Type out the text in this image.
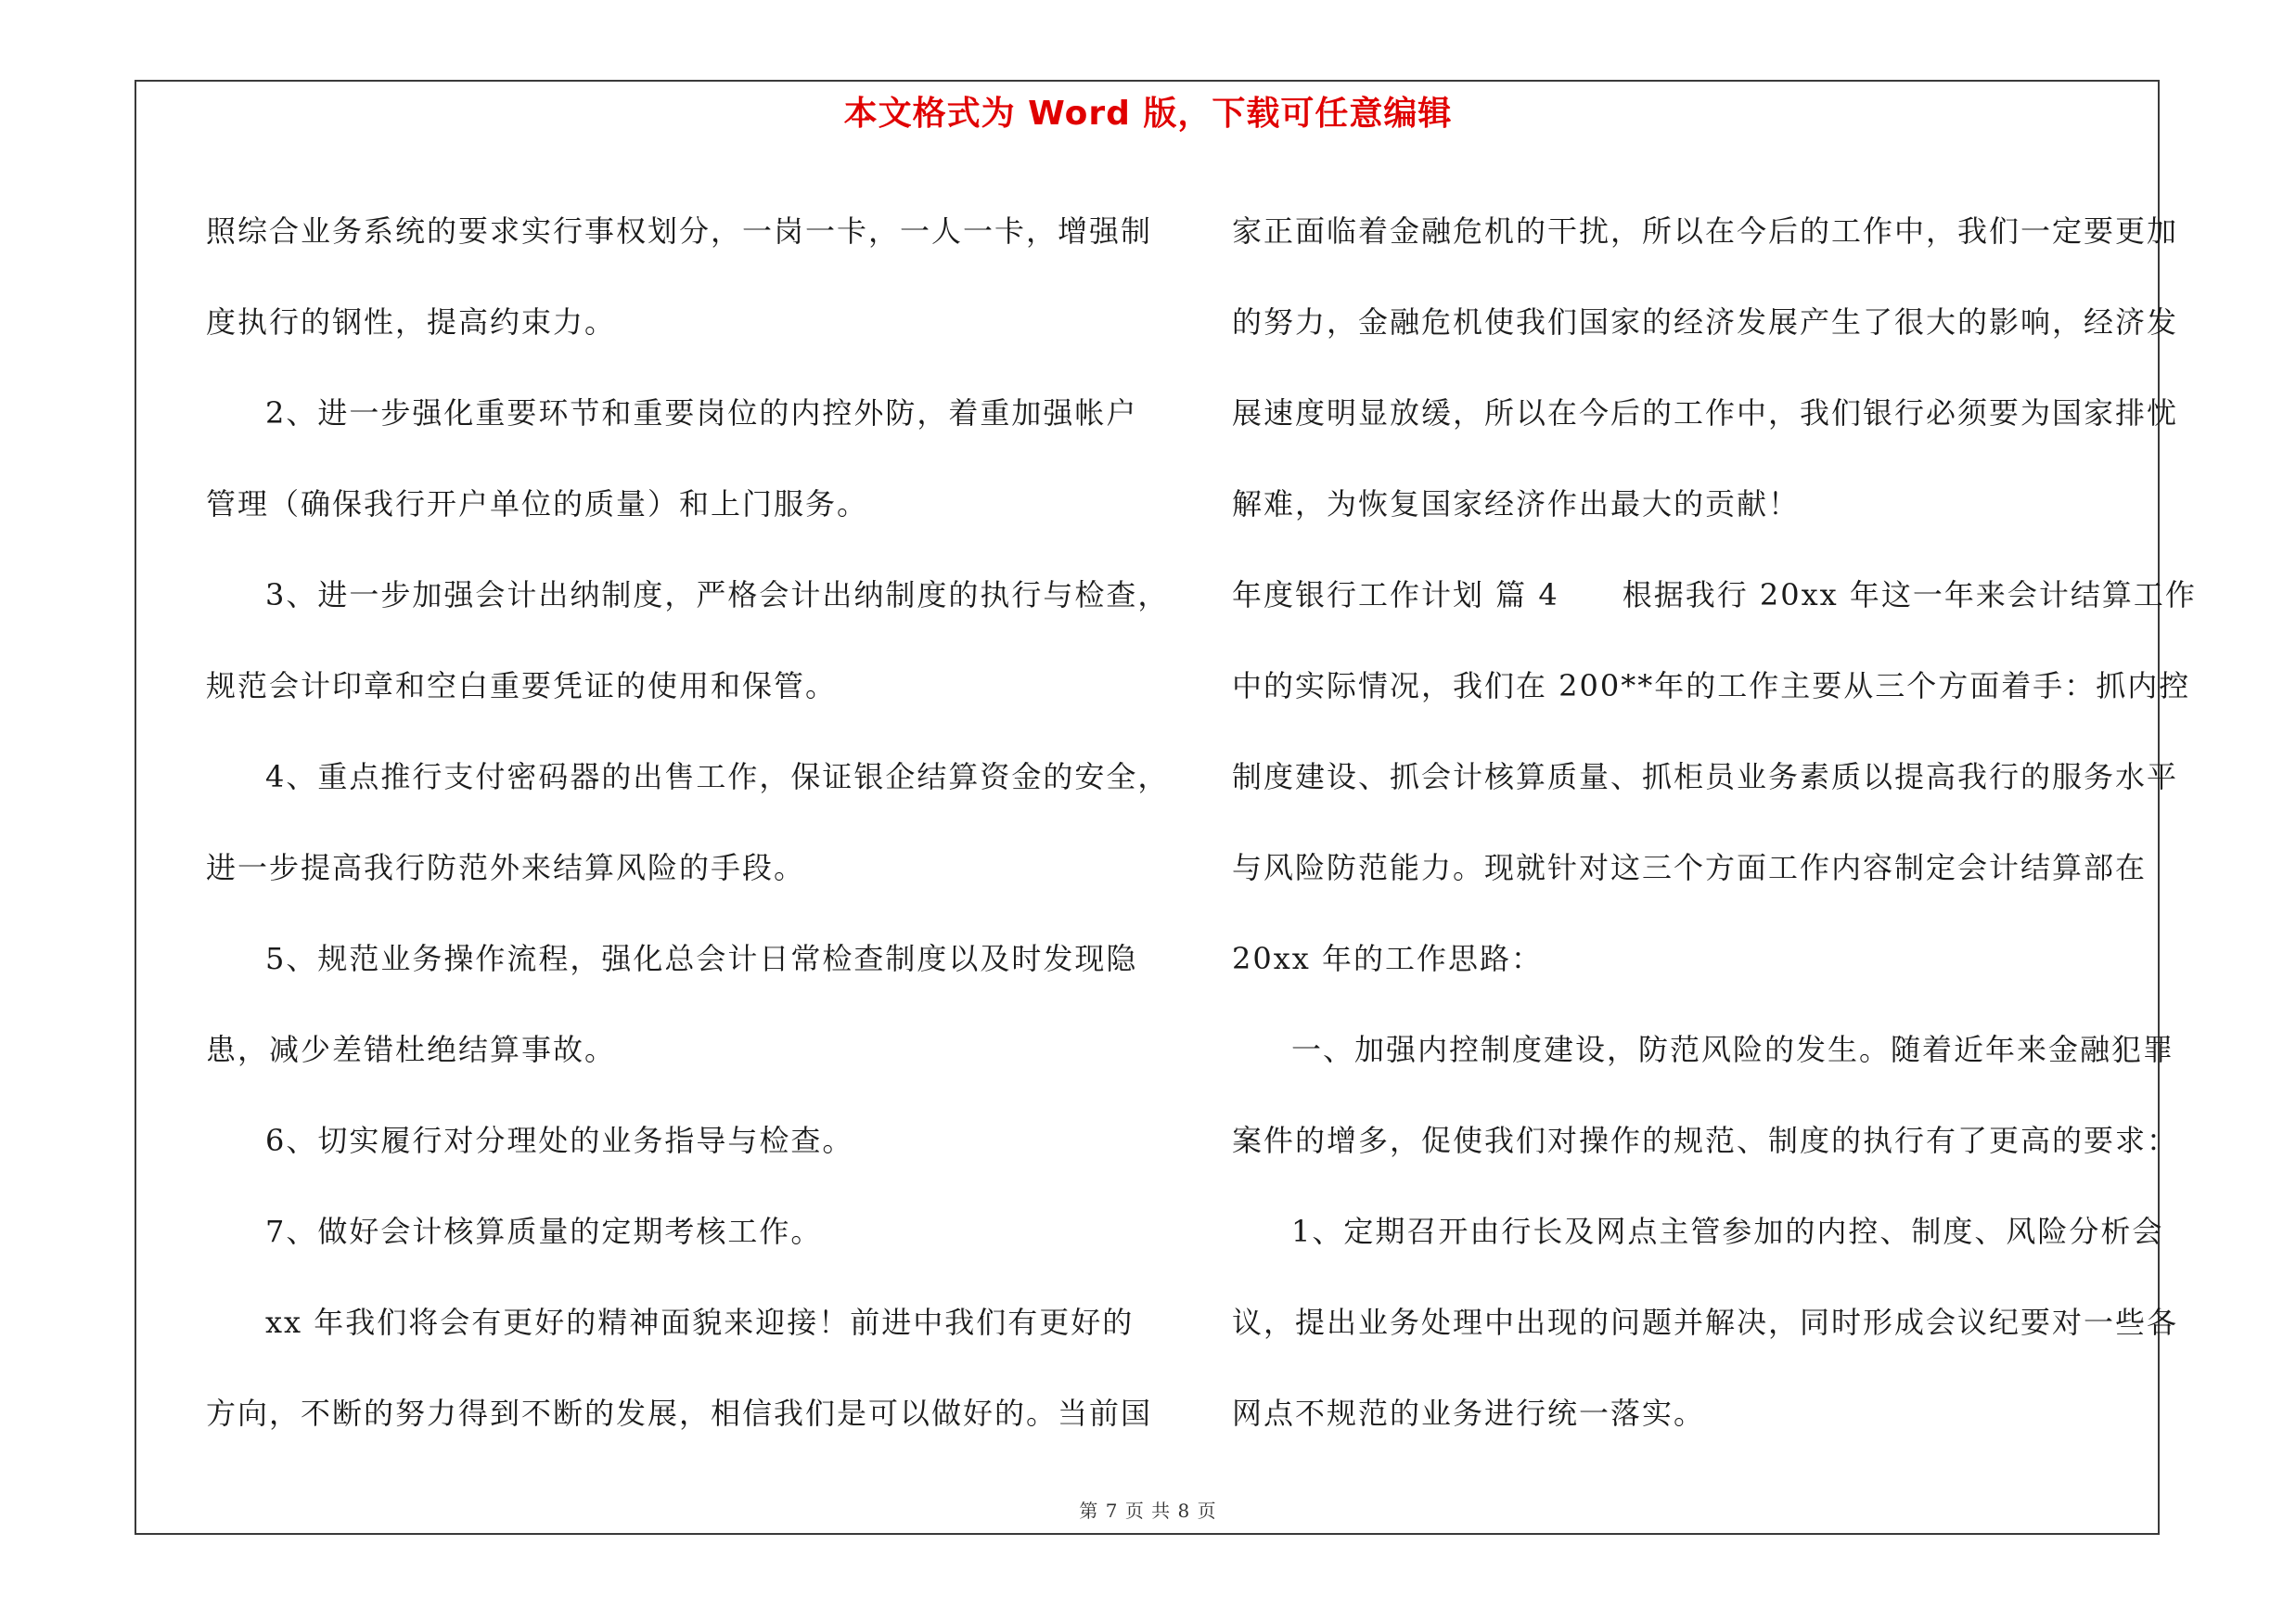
本文格式为 Word 版，下载可任意编辑

照综合业务系统的要求实行事权划分，一岗一卡，一人一卡，增强制

度执行的钢性，提高约束力。

2、进一步强化重要环节和重要岗位的内控外防，着重加强帐户

管理（确保我行开户单位的质量）和上门服务。

3、进一步加强会计出纳制度，严格会计出纳制度的执行与检查，

规范会计印章和空白重要凭证的使用和保管。

4、重点推行支付密码器的出售工作，保证银企结算资金的安全，

进一步提高我行防范外来结算风险的手段。

5、规范业务操作流程，强化总会计日常检查制度以及时发现隐

患，减少差错杜绝结算事故。

6、切实履行对分理处的业务指导与检查。

7、做好会计核算质量的定期考核工作。

xx 年我们将会有更好的精神面貌来迎接！前进中我们有更好的

方向，不断的努力得到不断的发展，相信我们是可以做好的。当前国

家正面临着金融危机的干扰，所以在今后的工作中，我们一定要更加

的努力，金融危机使我们国家的经济发展产生了很大的影响，经济发

展速度明显放缓，所以在今后的工作中，我们银行必须要为国家排忧

解难，为恢复国家经济作出最大的贡献！

年度银行工作计划 篇 4　　根据我行 20xx 年这一年来会计结算工作

中的实际情况，我们在 200**年的工作主要从三个方面着手：抓内控

制度建设、抓会计核算质量、抓柜员业务素质以提高我行的服务水平

与风险防范能力。现就针对这三个方面工作内容制定会计结算部在

20xx 年的工作思路：

一、加强内控制度建设，防范风险的发生。随着近年来金融犯罪

案件的增多，促使我们对操作的规范、制度的执行有了更高的要求：

1、定期召开由行长及网点主管参加的内控、制度、风险分析会

议，提出业务处理中出现的问题并解决，同时形成会议纪要对一些各

网点不规范的业务进行统一落实。

第 7 页 共 8 页
